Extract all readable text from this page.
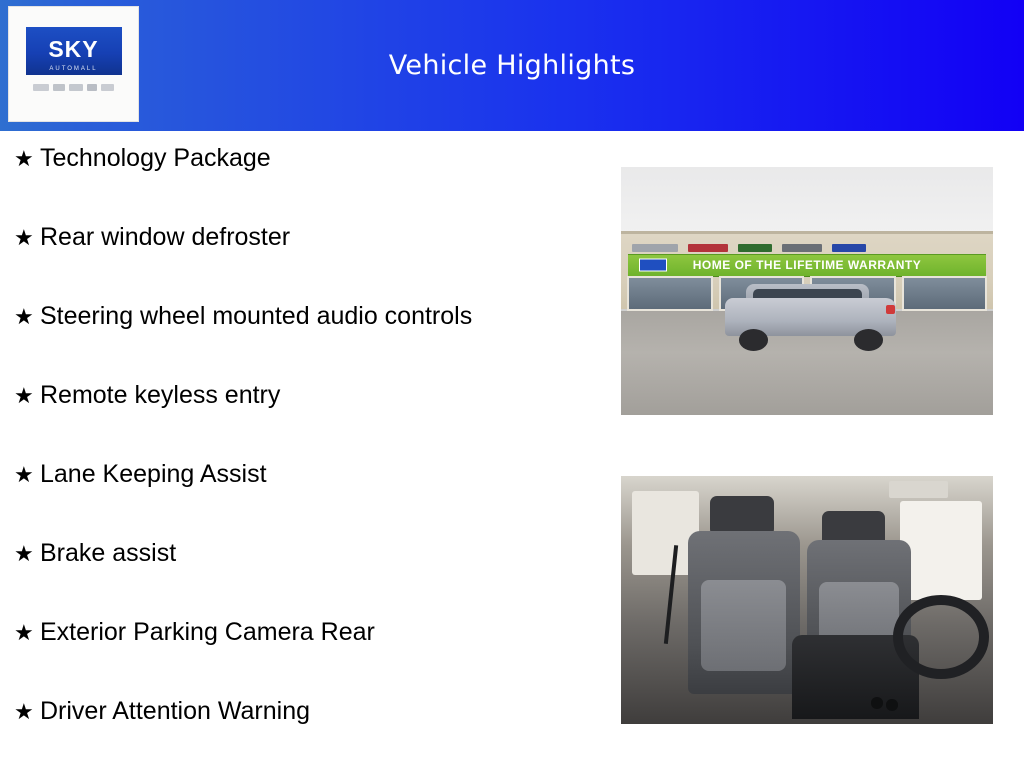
Vehicle Highlights
SKY
AUTOMALL
★ Technology Package
★ Rear window defroster
★ Steering wheel mounted audio controls
★ Remote keyless entry
★ Lane Keeping Assist
★ Brake assist
★ Exterior Parking Camera Rear
★ Driver Attention Warning
HOME OF THE LIFETIME WARRANTY
